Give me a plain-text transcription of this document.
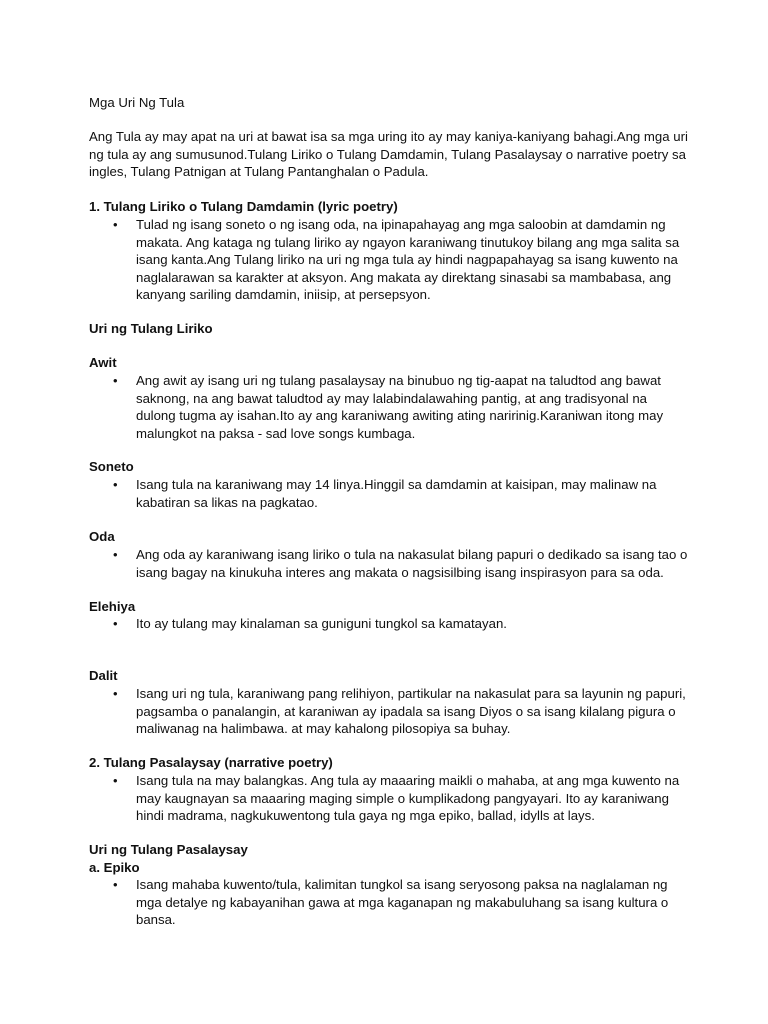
Mga Uri Ng Tula

Ang Tula ay may apat na uri at bawat isa sa mga uring ito ay may kaniya-kaniyang bahagi.Ang mga uri ng tula ay ang sumusunod.Tulang Liriko o Tulang Damdamin, Tulang Pasalaysay o narrative poetry sa ingles, Tulang Patnigan at Tulang Pantanghalan o Padula.

1. Tulang Liriko o Tulang Damdamin (lyric poetry)

• Tulad ng isang soneto o ng isang oda, na ipinapahayag ang mga saloobin at damdamin ng makata. Ang kataga ng tulang liriko ay ngayon karaniwang tinutukoy bilang ang mga salita sa isang kanta.Ang Tulang liriko na uri ng mga tula ay hindi nagpapahayag sa isang kuwento na naglalarawan sa karakter at aksyon. Ang makata ay direktang sinasabi sa mambabasa, ang kanyang sariling damdamin, iniisip, at persepsyon.

Uri ng Tulang Liriko

Awit

• Ang awit ay isang uri ng tulang pasalaysay na binubuo ng tig-aapat na taludtod ang bawat saknong, na ang bawat taludtod ay may lalabindalawahing pantig, at ang tradisyonal na dulong tugma ay isahan.Ito ay ang karaniwang awiting ating naririnig.Karaniwan itong may malungkot na paksa - sad love songs kumbaga.

Soneto

• Isang tula na karaniwang may 14 linya.Hinggil sa damdamin at kaisipan, may malinaw na kabatiran sa likas na pagkatao.

Oda

• Ang oda ay karaniwang isang liriko o tula na nakasulat bilang papuri o dedikado sa isang tao o isang bagay na kinukuha interes ang makata o nagsisilbing isang inspirasyon para sa oda.

Elehiya

• Ito ay tulang may kinalaman sa guniguni tungkol sa kamatayan.

Dalit

• Isang uri ng tula, karaniwang pang relihiyon, partikular na nakasulat para sa layunin ng papuri, pagsamba o panalangin, at karaniwan ay ipadala sa isang Diyos o sa isang kilalang pigura o maliwanag na halimbawa. at may kahalong pilosopiya sa buhay.

2. Tulang Pasalaysay (narrative poetry)

• Isang tula na may balangkas. Ang tula ay maaaring maikli o mahaba, at ang mga kuwento na may kaugnayan sa maaaring maging simple o kumplikadong pangyayari. Ito ay karaniwang hindi madrama, nagkukuwentong tula gaya ng mga epiko, ballad, idylls at lays.

Uri ng Tulang Pasalaysay

a. Epiko

• Isang mahaba kuwento/tula, kalimitan tungkol sa isang seryosong paksa na naglalaman ng mga detalye ng kabayanihan gawa at mga kaganapan ng makabuluhang sa isang kultura o bansa.
